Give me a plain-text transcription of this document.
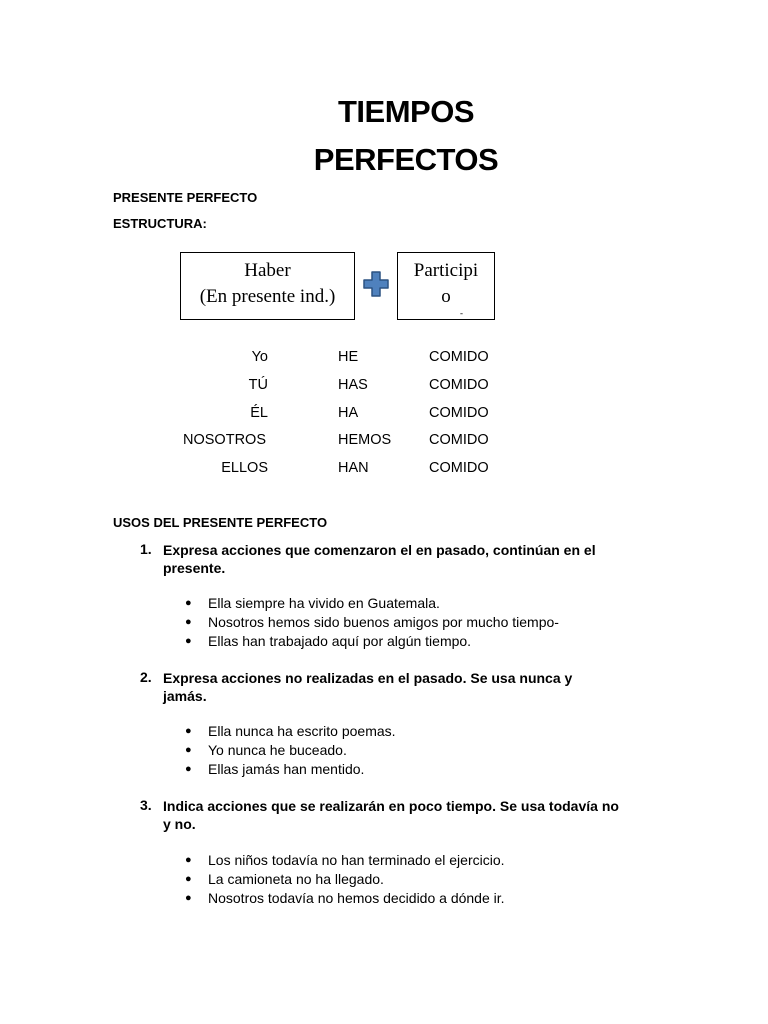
TIEMPOS
PERFECTOS
PRESENTE PERFECTO
ESTRUCTURA:
Haber
(En presente ind.)
Participi
o
-
Yo	HE	COMIDO
TÚ	HAS	COMIDO
ÉL	HA	COMIDO
NOSOTROS	HEMOS	COMIDO
ELLOS	HAN	COMIDO
USOS DEL PRESENTE PERFECTO
1. Expresa acciones que comenzaron el en pasado, continúan en el
presente.
● Ella siempre ha vivido en Guatemala.
● Nosotros hemos sido buenos amigos por mucho tiempo-
● Ellas han trabajado aquí por algún tiempo.
2. Expresa acciones no realizadas en el pasado. Se usa nunca y
jamás.
● Ella nunca ha escrito poemas.
● Yo nunca he buceado.
● Ellas jamás han mentido.
3. Indica acciones que se realizarán en poco tiempo. Se usa todavía no
y no.
● Los niños todavía no han terminado el ejercicio.
● La camioneta no ha llegado.
● Nosotros todavía no hemos decidido a dónde ir.
